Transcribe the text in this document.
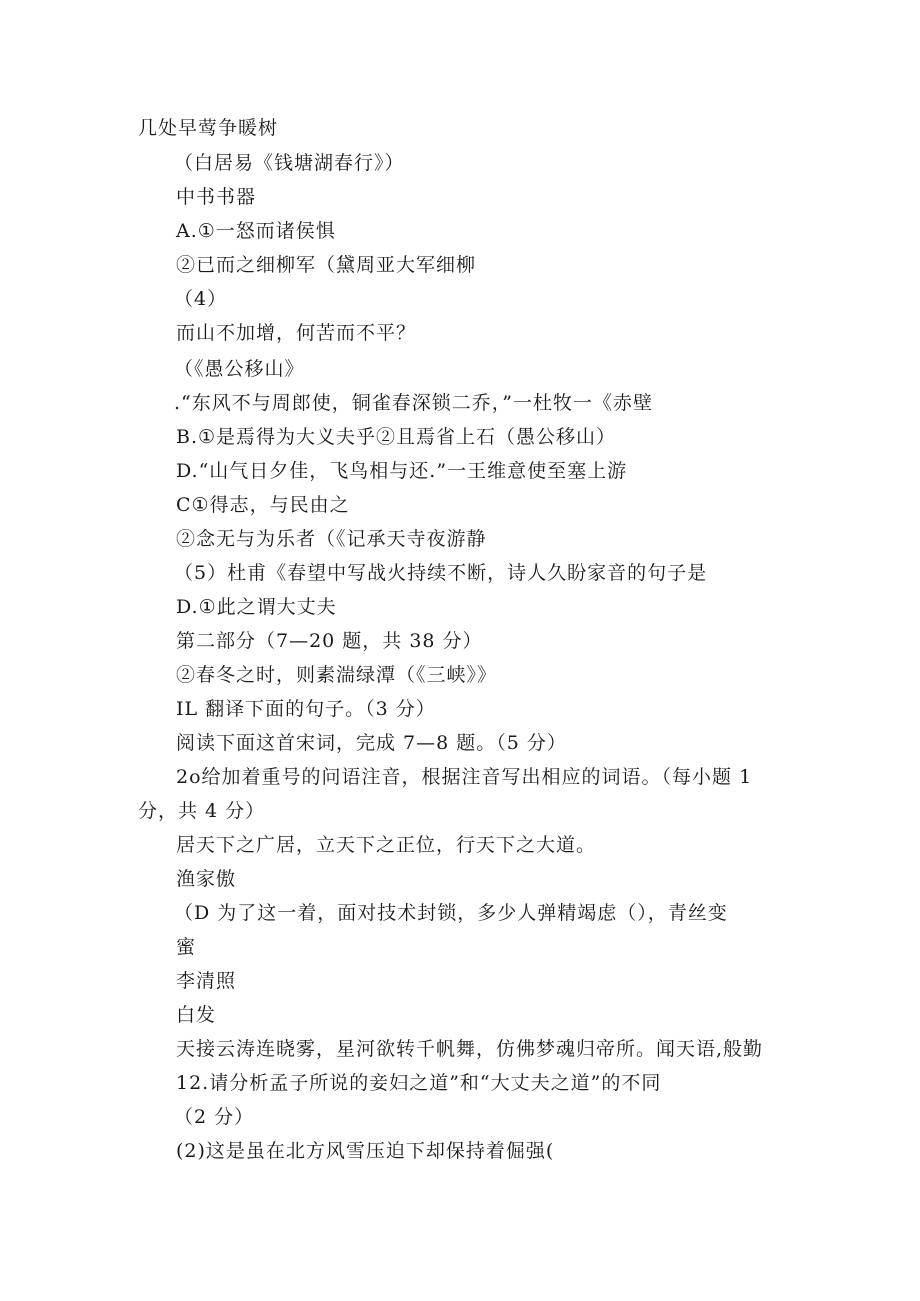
几处早莺争暖树
（白居易《钱塘湖春行》）
中书书器
A.①一怒而诸侯惧
②已而之细柳军（黛周亚大军细柳
（4）
而山不加增，何苦而不平？
（《愚公移山》
.“东风不与周郎使，铜雀春深锁二乔，”一杜牧一《赤壁
B.①是焉得为大义夫乎②且焉省上石（愚公移山）
D.“山气日夕佳，飞鸟相与还.”一王维意使至塞上游
C①得志，与民由之
②念无与为乐者（《记承天寺夜游静
（5）杜甫《春望中写战火持续不断，诗人久盼家音的句子是
D.①此之谓大丈夫
第二部分（7—20 题，共 38 分）
②春冬之时，则素湍绿潭（《三峡》》
IL 翻译下面的句子。（3 分）
阅读下面这首宋词，完成 7—8 题。（5 分）
2o给加着重号的问语注音，根据注音写出相应的词语。（每小题 1
分，共 4 分）
居天下之广居，立天下之正位，行天下之大道。
渔家傲
（D 为了这一着，面对技术封锁，多少人弹精竭虑（），青丝变
蜜
李清照
白发
天接云涛连晓雾，星河欲转千帆舞，仿佛梦魂归帝所。闻天语,般勤
12.请分析孟子所说的妾妇之道”和“大丈夫之道”的不同
（2 分）
(2)这是虽在北方风雪压迫下却保持着倔强(
